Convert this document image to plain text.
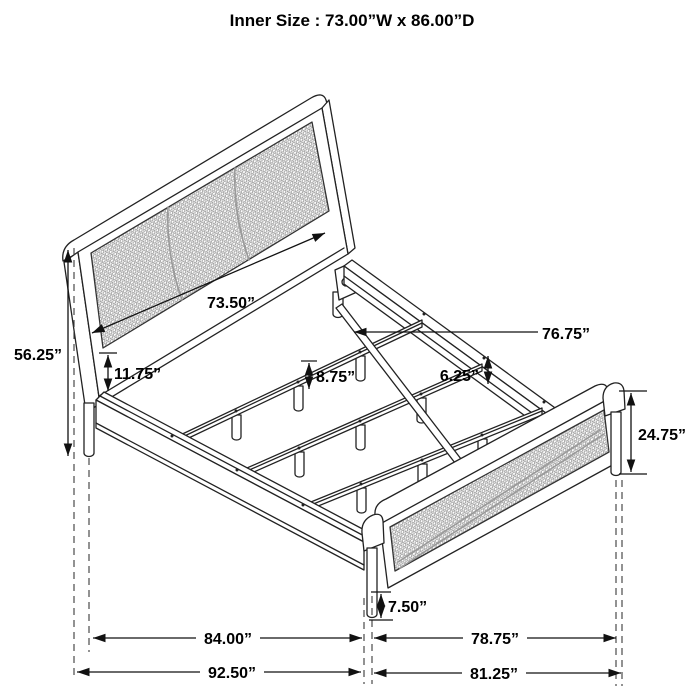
Inner Size : 73.00”W x 86.00”D
56.25”
73.50”
76.75”
11.75”	8.75”	6.25”
24.75”
7.50”
84.00”	78.75”
92.50”	81.25”
